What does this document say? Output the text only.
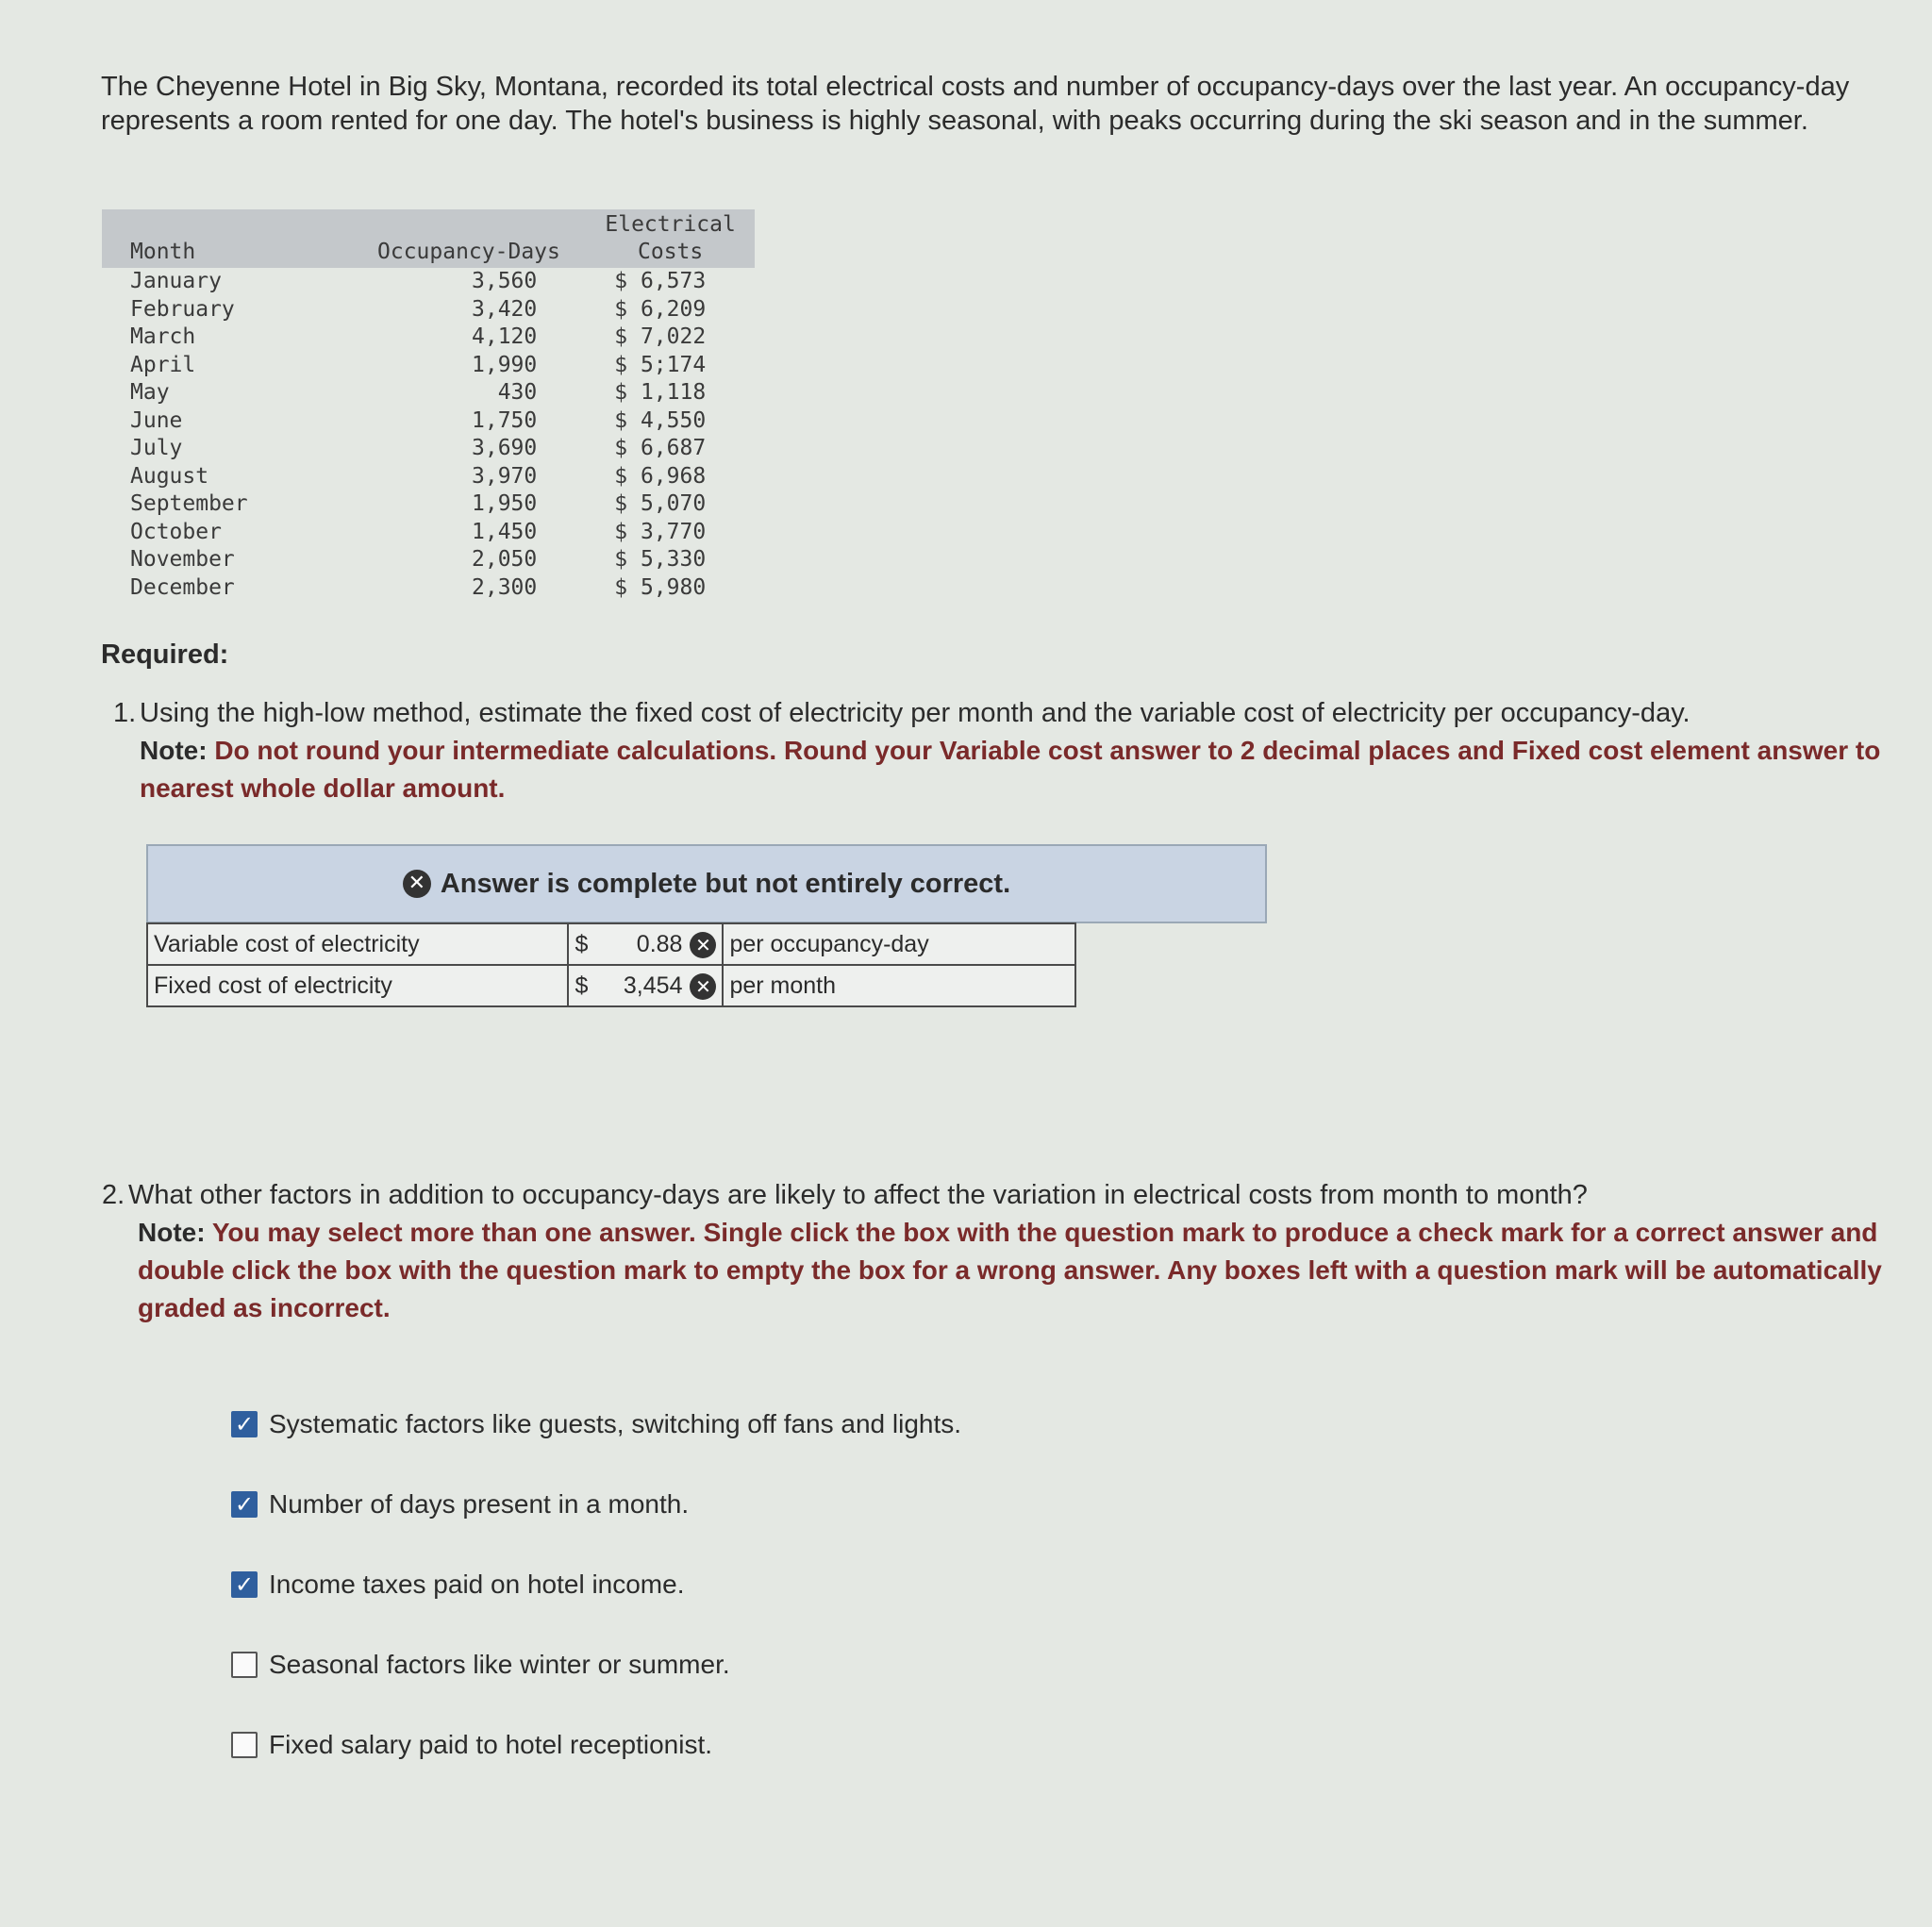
The Cheyenne Hotel in Big Sky, Montana, recorded its total electrical costs and number of occupancy-days over the last year. An occupancy-day represents a room rented for one day. The hotel's business is highly seasonal, with peaks occurring during the ski season and in the summer.

Month	Occupancy-Days	Electrical
Costs
January	3,560	$ 6,573
February	3,420	$ 6,209
March	4,120	$ 7,022
April	1,990	$ 5;174
May	430	$ 1,118
June	1,750	$ 4,550
July	3,690	$ 6,687
August	3,970	$ 6,968
September	1,950	$ 5,070
October	1,450	$ 3,770
November	2,050	$ 5,330
December	2,300	$ 5,980

Required:

1. Using the high-low method, estimate the fixed cost of electricity per month and the variable cost of electricity per occupancy-day.
Note: Do not round your intermediate calculations. Round your Variable cost answer to 2 decimal places and Fixed cost element answer to nearest whole dollar amount.

✕ Answer is complete but not entirely correct.
Variable cost of electricity	$ 0.88 ✕	per occupancy-day
Fixed cost of electricity	$ 3,454 ✕	per month

2. What other factors in addition to occupancy-days are likely to affect the variation in electrical costs from month to month?
Note: You may select more than one answer. Single click the box with the question mark to produce a check mark for a correct answer and double click the box with the question mark to empty the box for a wrong answer. Any boxes left with a question mark will be automatically graded as incorrect.

✓ Systematic factors like guests, switching off fans and lights.
✓ Number of days present in a month.
✓ Income taxes paid on hotel income.
Seasonal factors like winter or summer.
Fixed salary paid to hotel receptionist.
